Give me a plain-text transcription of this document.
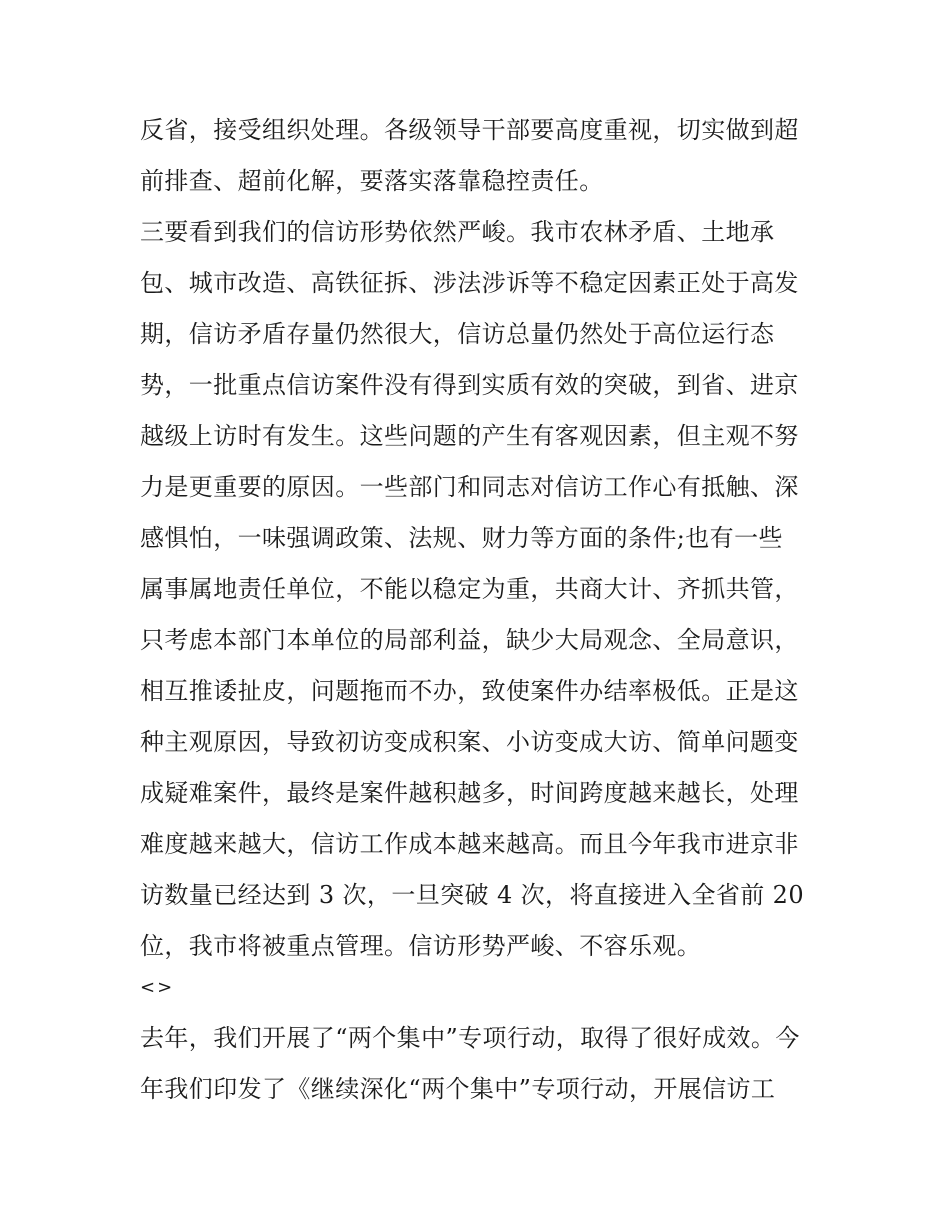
反省，接受组织处理。各级领导干部要高度重视，切实做到超
前排查、超前化解，要落实落靠稳控责任。
三要看到我们的信访形势依然严峻。我市农林矛盾、土地承
包、城市改造、高铁征拆、涉法涉诉等不稳定因素正处于高发
期，信访矛盾存量仍然很大，信访总量仍然处于高位运行态
势，一批重点信访案件没有得到实质有效的突破，到省、进京
越级上访时有发生。这些问题的产生有客观因素，但主观不努
力是更重要的原因。一些部门和同志对信访工作心有抵触、深
感惧怕，一味强调政策、法规、财力等方面的条件;也有一些
属事属地责任单位，不能以稳定为重，共商大计、齐抓共管，
只考虑本部门本单位的局部利益，缺少大局观念、全局意识，
相互推诿扯皮，问题拖而不办，致使案件办结率极低。正是这
种主观原因，导致初访变成积案、小访变成大访、简单问题变
成疑难案件，最终是案件越积越多，时间跨度越来越长，处理
难度越来越大，信访工作成本越来越高。而且今年我市进京非
访数量已经达到 3 次，一旦突破 4 次，将直接进入全省前 20
位，我市将被重点管理。信访形势严峻、不容乐观。
<>
去年，我们开展了“两个集中”专项行动，取得了很好成效。今
年我们印发了《继续深化“两个集中”专项行动，开展信访工
